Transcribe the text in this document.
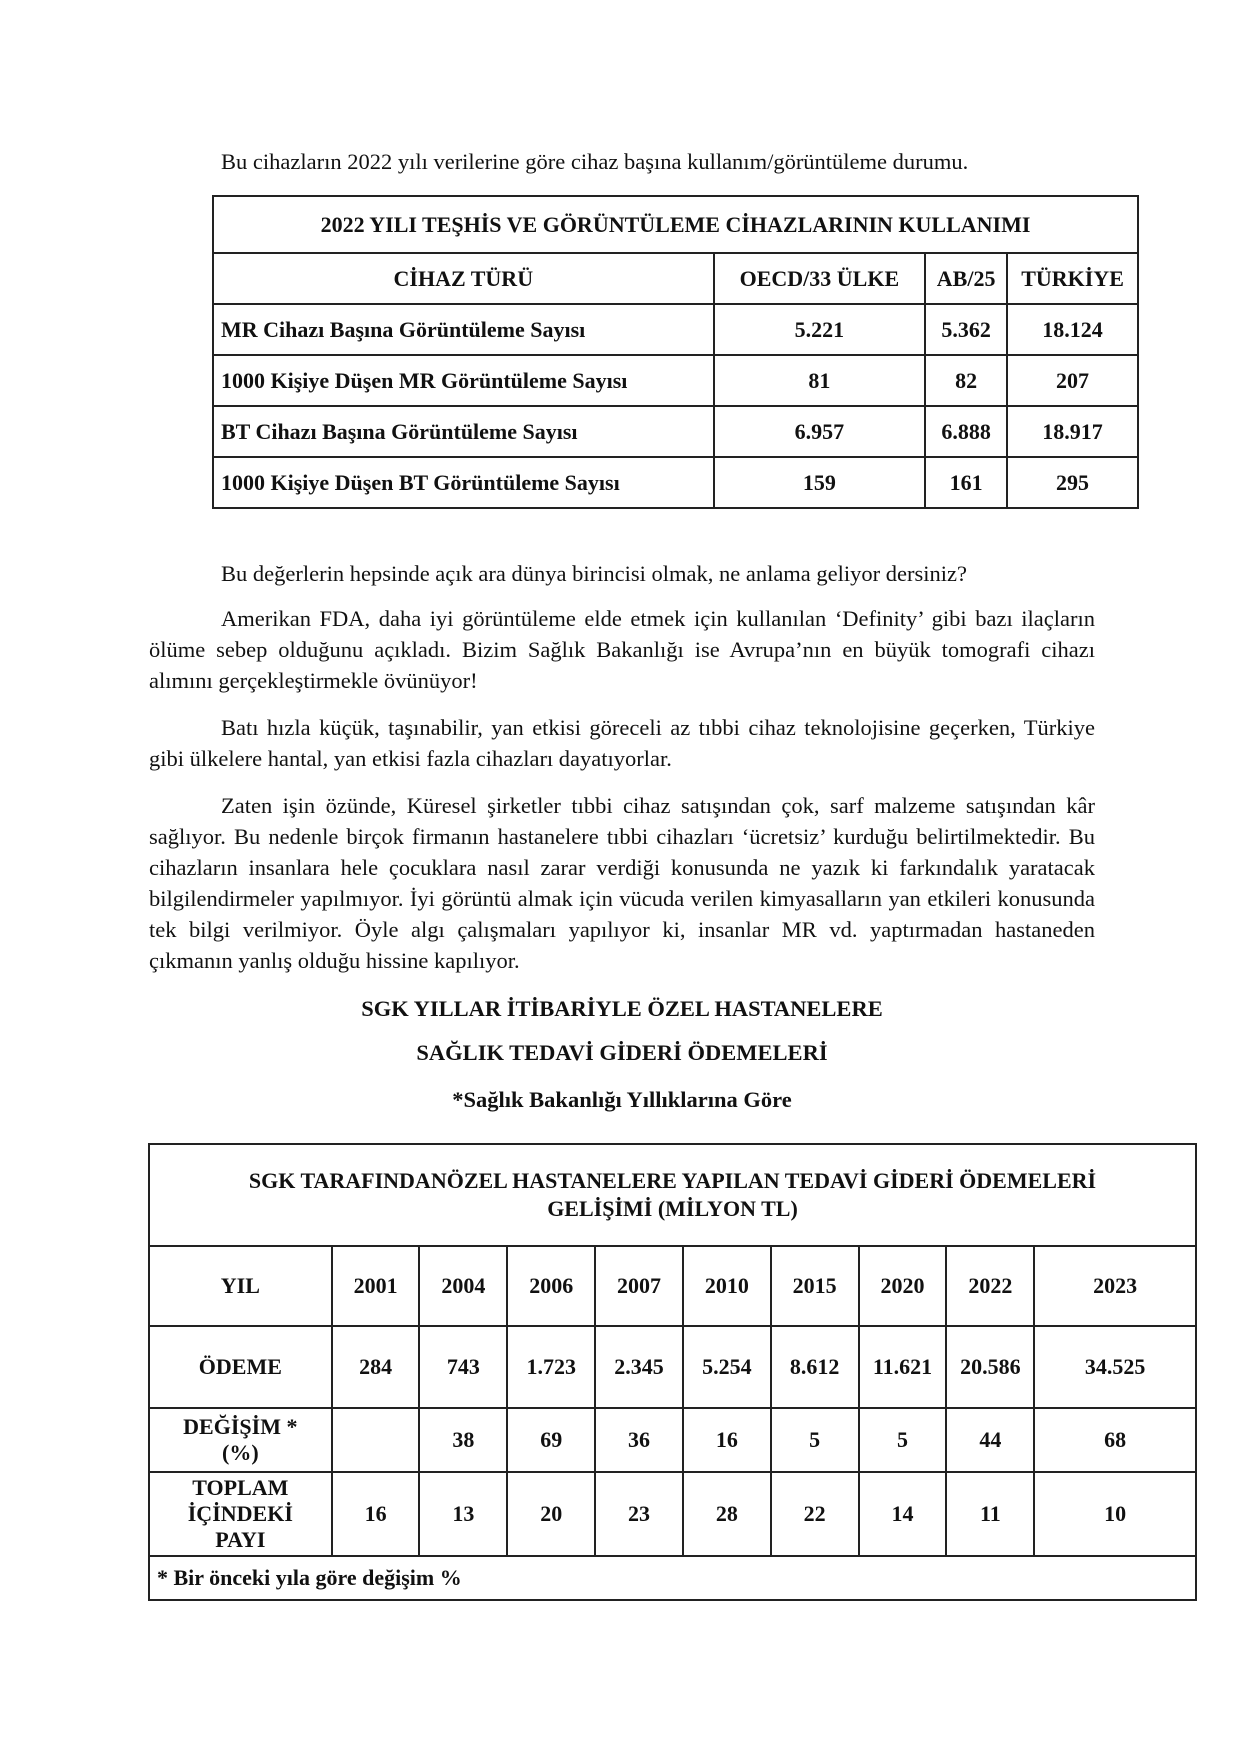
Bu cihazların 2022 yılı verilerine göre cihaz başına kullanım/görüntüleme durumu.

2022 YILI TEŞHİS VE GÖRÜNTÜLEME CİHAZLARININ KULLANIMI			
CİHAZ TÜRÜ	OECD/33 ÜLKE	AB/25	TÜRKİYE
MR Cihazı Başına Görüntüleme Sayısı	5.221	5.362	18.124
1000 Kişiye Düşen MR Görüntüleme Sayısı	81	82	207
BT Cihazı Başına Görüntüleme Sayısı	6.957	6.888	18.917
1000 Kişiye Düşen BT Görüntüleme Sayısı	159	161	295

Bu değerlerin hepsinde açık ara dünya birincisi olmak, ne anlama geliyor dersiniz?

Amerikan FDA, daha iyi görüntüleme elde etmek için kullanılan ‘Definity’ gibi bazı ilaçların ölüme sebep olduğunu açıkladı. Bizim Sağlık Bakanlığı ise Avrupa’nın en büyük tomografi cihazı alımını gerçekleştirmekle övünüyor!

Batı hızla küçük, taşınabilir, yan etkisi göreceli az tıbbi cihaz teknolojisine geçerken, Türkiye gibi ülkelere hantal, yan etkisi fazla cihazları dayatıyorlar.

Zaten işin özünde, Küresel şirketler tıbbi cihaz satışından çok, sarf malzeme satışından kâr sağlıyor. Bu nedenle birçok firmanın hastanelere tıbbi cihazları ‘ücretsiz’ kurduğu belirtilmektedir. Bu cihazların insanlara hele çocuklara nasıl zarar verdiği konusunda ne yazık ki farkındalık yaratacak bilgilendirmeler yapılmıyor. İyi görüntü almak için vücuda verilen kimyasalların yan etkileri konusunda tek bilgi verilmiyor. Öyle algı çalışmaları yapılıyor ki, insanlar MR vd. yaptırmadan hastaneden çıkmanın yanlış olduğu hissine kapılıyor.

SGK YILLAR İTİBARİYLE ÖZEL HASTANELERE

SAĞLIK TEDAVİ GİDERİ ÖDEMELERİ

*Sağlık Bakanlığı Yıllıklarına Göre

SGK TARAFINDANÖZEL HASTANELERE YAPILAN TEDAVİ GİDERİ ÖDEMELERİ
GELİŞİMİ (MİLYON TL)									

YIL	2001	2004	2006	2007	2010	2015	2020	2022	2023
ÖDEME	284	743	1.723	2.345	5.254	8.612	11.621	20.586	34.525

DEĞİŞİM *
(%)		38	69	36	16	5	5	44	68

TOPLAM
İÇİNDEKİ
PAYI	16	13	20	23	28	22	14	11	10
* Bir önceki yıla göre değişim %									
